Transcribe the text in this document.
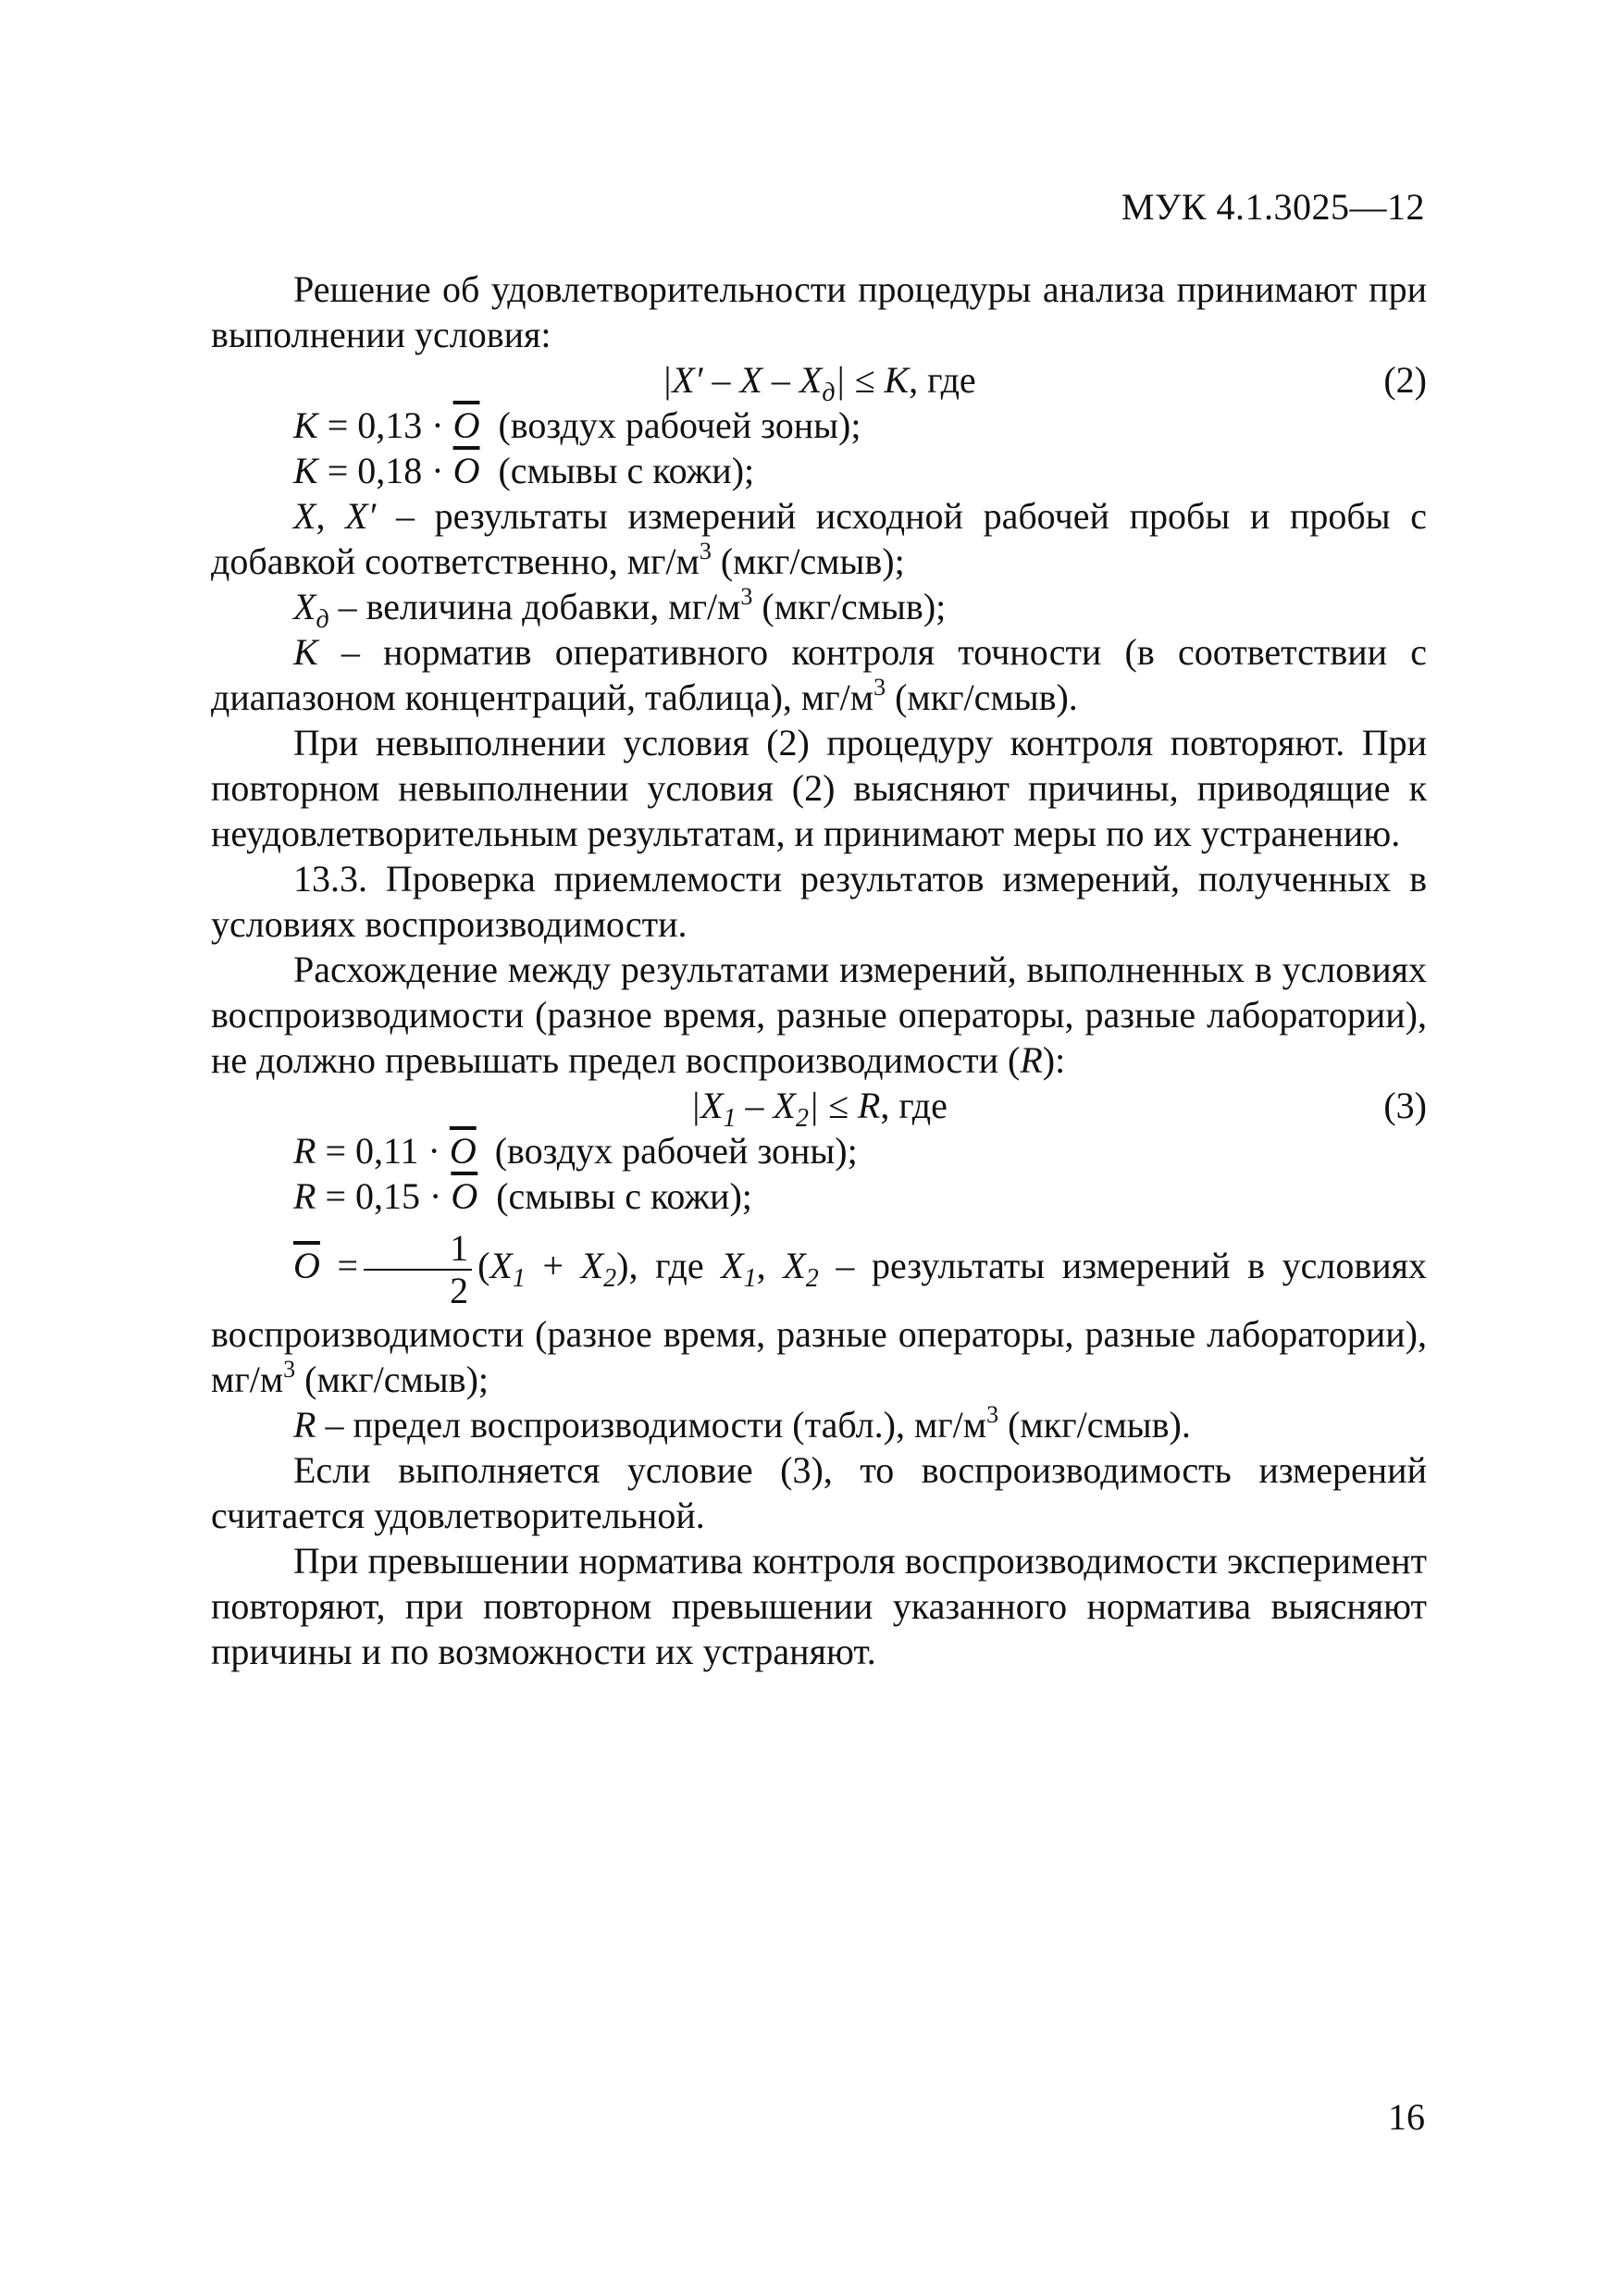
МУК 4.1.3025—12

Решение об удовлетворительности процедуры анализа принимают при выполнении условия:

$|X' - X - X_д| \le K$, где	(2)

K = 0,13 · О  (воздух рабочей зоны);

K = 0,18 · О  (смывы с кожи);

X, X′ – результаты измерений исходной рабочей пробы и пробы с добавкой соответственно, $мг/м^3$ (мкг/смыв);

$X_д$ – величина добавки, $мг/м^3$ (мкг/смыв);

K – норматив оперативного контроля точности (в соответствии с диапазоном концентраций, таблица), $мг/м^3$ (мкг/смыв).

При невыполнении условия (2) процедуру контроля повторяют. При повторном невыполнении условия (2) выясняют причины, приводящие к неудовлетворительным результатам, и принимают меры по их устранению.

13.3. Проверка приемлемости результатов измерений, полученных в условиях воспроизводимости.

Расхождение между результатами измерений, выполненных в условиях воспроизводимости (разное время, разные операторы, разные лаборатории), не должно превышать предел воспроизводимости (R):

$|X_1 - X_2| \le R$, где	(3)

R = 0,11 · О  (воздух рабочей зоны);

R = 0,15 · О  (смывы с кожи);

$О = \frac{1}{2} (X_1 + X_2)$, где $X_1$, $X_2$ – результаты измерений в условиях воспроизводимости (разное время, разные операторы, разные лаборатории), $мг/м^3$ (мкг/смыв);

R – предел воспроизводимости (табл.), $мг/м^3$ (мкг/смыв).

Если выполняется условие (3), то воспроизводимость измерений считается удовлетворительной.

При превышении норматива контроля воспроизводимости эксперимент повторяют, при повторном превышении указанного норматива выясняют причины и по возможности их устраняют.

16
